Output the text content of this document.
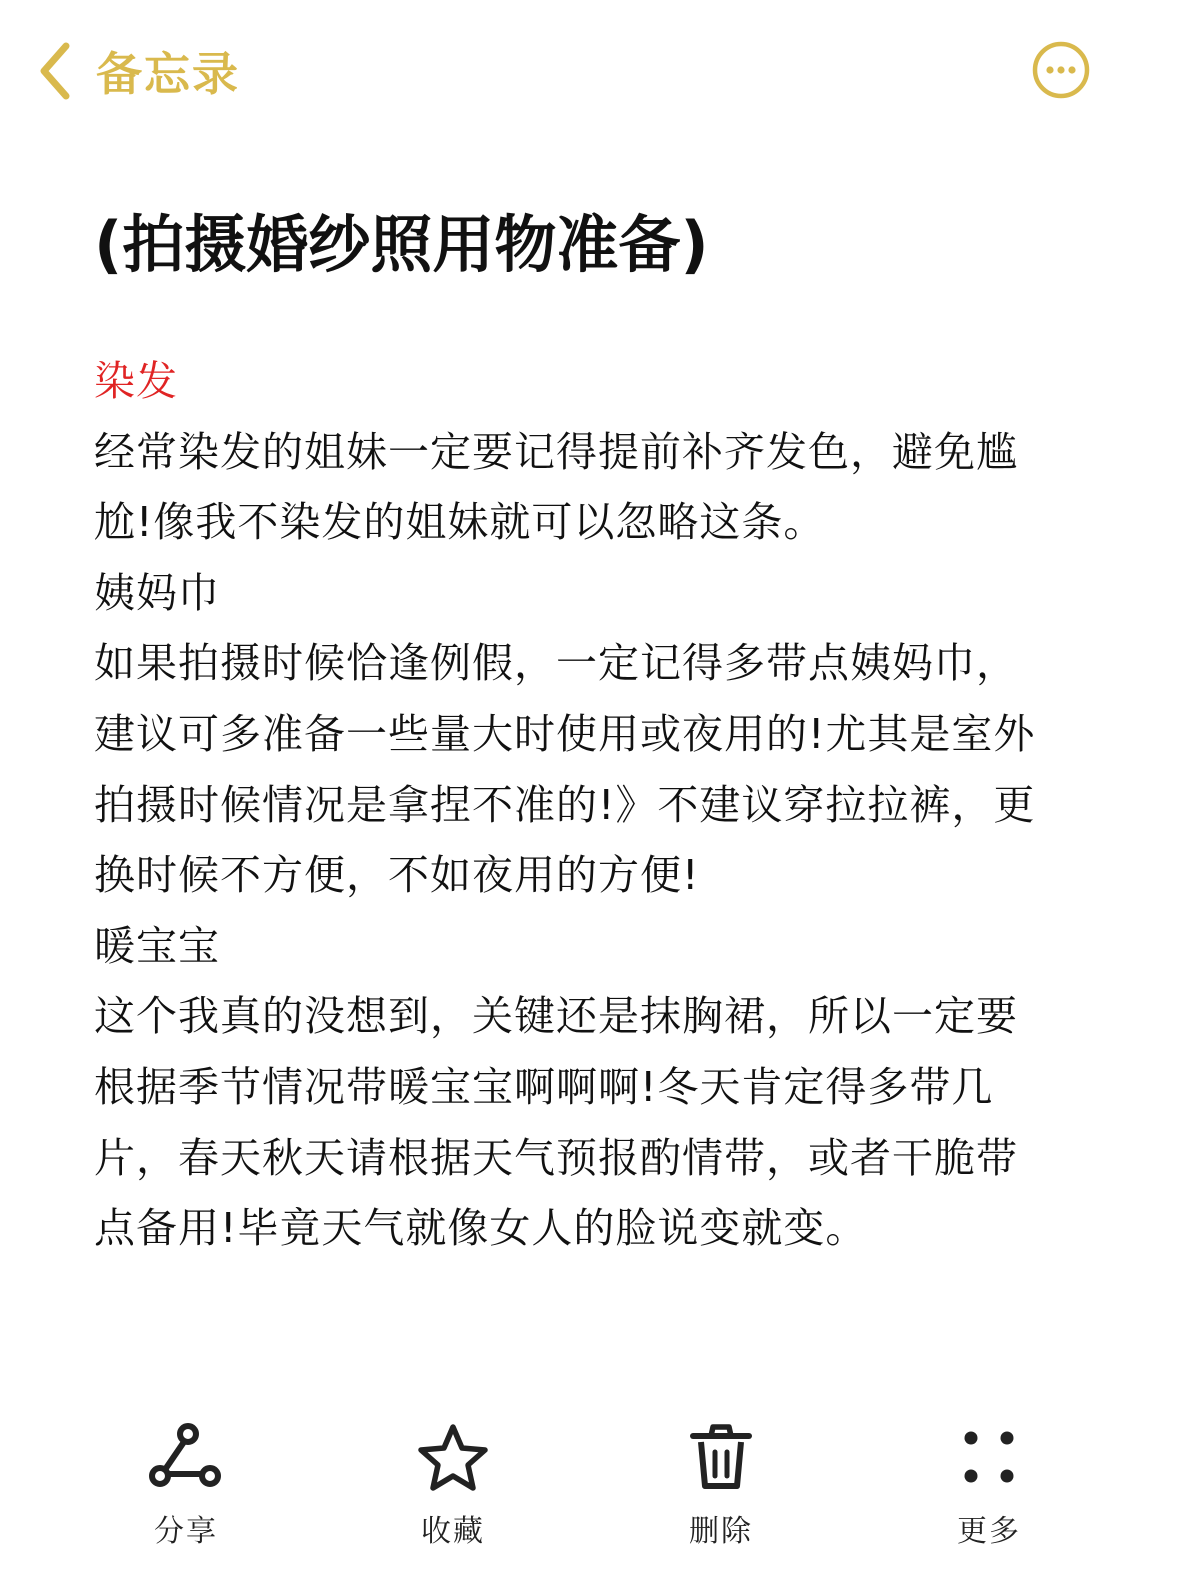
备忘录
(拍摄婚纱照用物准备)

染发

经常染发的姐妹一定要记得提前补齐发色，避免尴尬!像我不染发的姐妹就可以忽略这条。

姨妈巾

如果拍摄时候恰逢例假，一定记得多带点姨妈巾，建议可多准备一些量大时使用或夜用的!尤其是室外拍摄时候情况是拿捏不准的!》不建议穿拉拉裤，更换时候不方便，不如夜用的方便!

暖宝宝

这个我真的没想到，关键还是抹胸裙，所以一定要根据季节情况带暖宝宝啊啊啊!冬天肯定得多带几片，春天秋天请根据天气预报酌情带，或者干脆带点备用!毕竟天气就像女人的脸说变就变。

分享	收藏	删除	更多
